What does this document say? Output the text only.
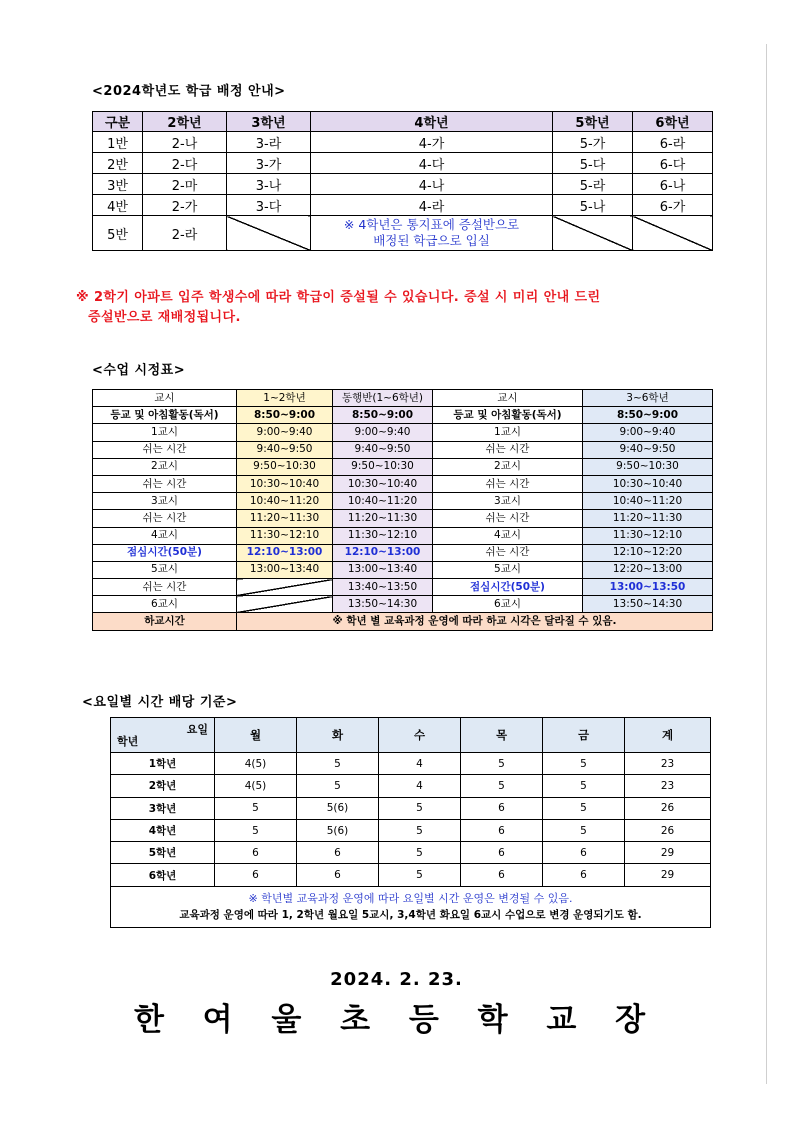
<2024학년도 학급 배정 안내>
구분	2학년	3학년	4학년	5학년	6학년
1반	2-나	3-라	4-가	5-가	6-라
2반	2-다	3-가	4-다	5-다	6-다
3반	2-마	3-나	4-나	5-라	6-나
4반	2-가	3-다	4-라	5-나	6-가
5반	2-라		※ 4학년은 통지표에 증설반으로
배정된 학급으로 입실		

※ 2학기 아파트 입주 학생수에 따라 학급이 증설될 수 있습니다. 증설 시 미리 안내 드린
증설반으로 재배정됩니다.
<수업 시정표>
교시	1~2학년	동행반(1~6학년)	교시	3~6학년
등교 및 아침활동(독서)	8:50~9:00	8:50~9:00	등교 및 아침활동(독서)	8:50~9:00
1교시	9:00~9:40	9:00~9:40	1교시	9:00~9:40
쉬는 시간	9:40~9:50	9:40~9:50	쉬는 시간	9:40~9:50
2교시	9:50~10:30	9:50~10:30	2교시	9:50~10:30
쉬는 시간	10:30~10:40	10:30~10:40	쉬는 시간	10:30~10:40
3교시	10:40~11:20	10:40~11:20	3교시	10:40~11:20
쉬는 시간	11:20~11:30	11:20~11:30	쉬는 시간	11:20~11:30
4교시	11:30~12:10	11:30~12:10	4교시	11:30~12:10
점심시간(50분)	12:10~13:00	12:10~13:00	쉬는 시간	12:10~12:20
5교시	13:00~13:40	13:00~13:40	5교시	12:20~13:00
쉬는 시간		13:40~13:50	점심시간(50분)	13:00~13:50
6교시		13:50~14:30	6교시	13:50~14:30
하교시간	※ 학년 별 교육과정 운영에 따라 하교 시각은 달라질 수 있음.			
<요일별 시간 배당 기준>
요일
학년	월	화	수	목	금	계
1학년	4(5)	5	4	5	5	23
2학년	4(5)	5	4	5	5	23
3학년	5	5(6)	5	6	5	26
4학년	5	5(6)	5	6	5	26
5학년	6	6	5	6	6	29
6학년	6	6	5	6	6	29

※ 학년별 교육과정 운영에 따라 요일별 시간 운영은 변경될 수 있음.
교육과정 운영에 따라 1, 2학년 월요일 5교시, 3,4학년 화요일 6교시 수업으로 변경 운영되기도 함.						
2024. 2. 23.
한 여 울 초 등 학 교 장
